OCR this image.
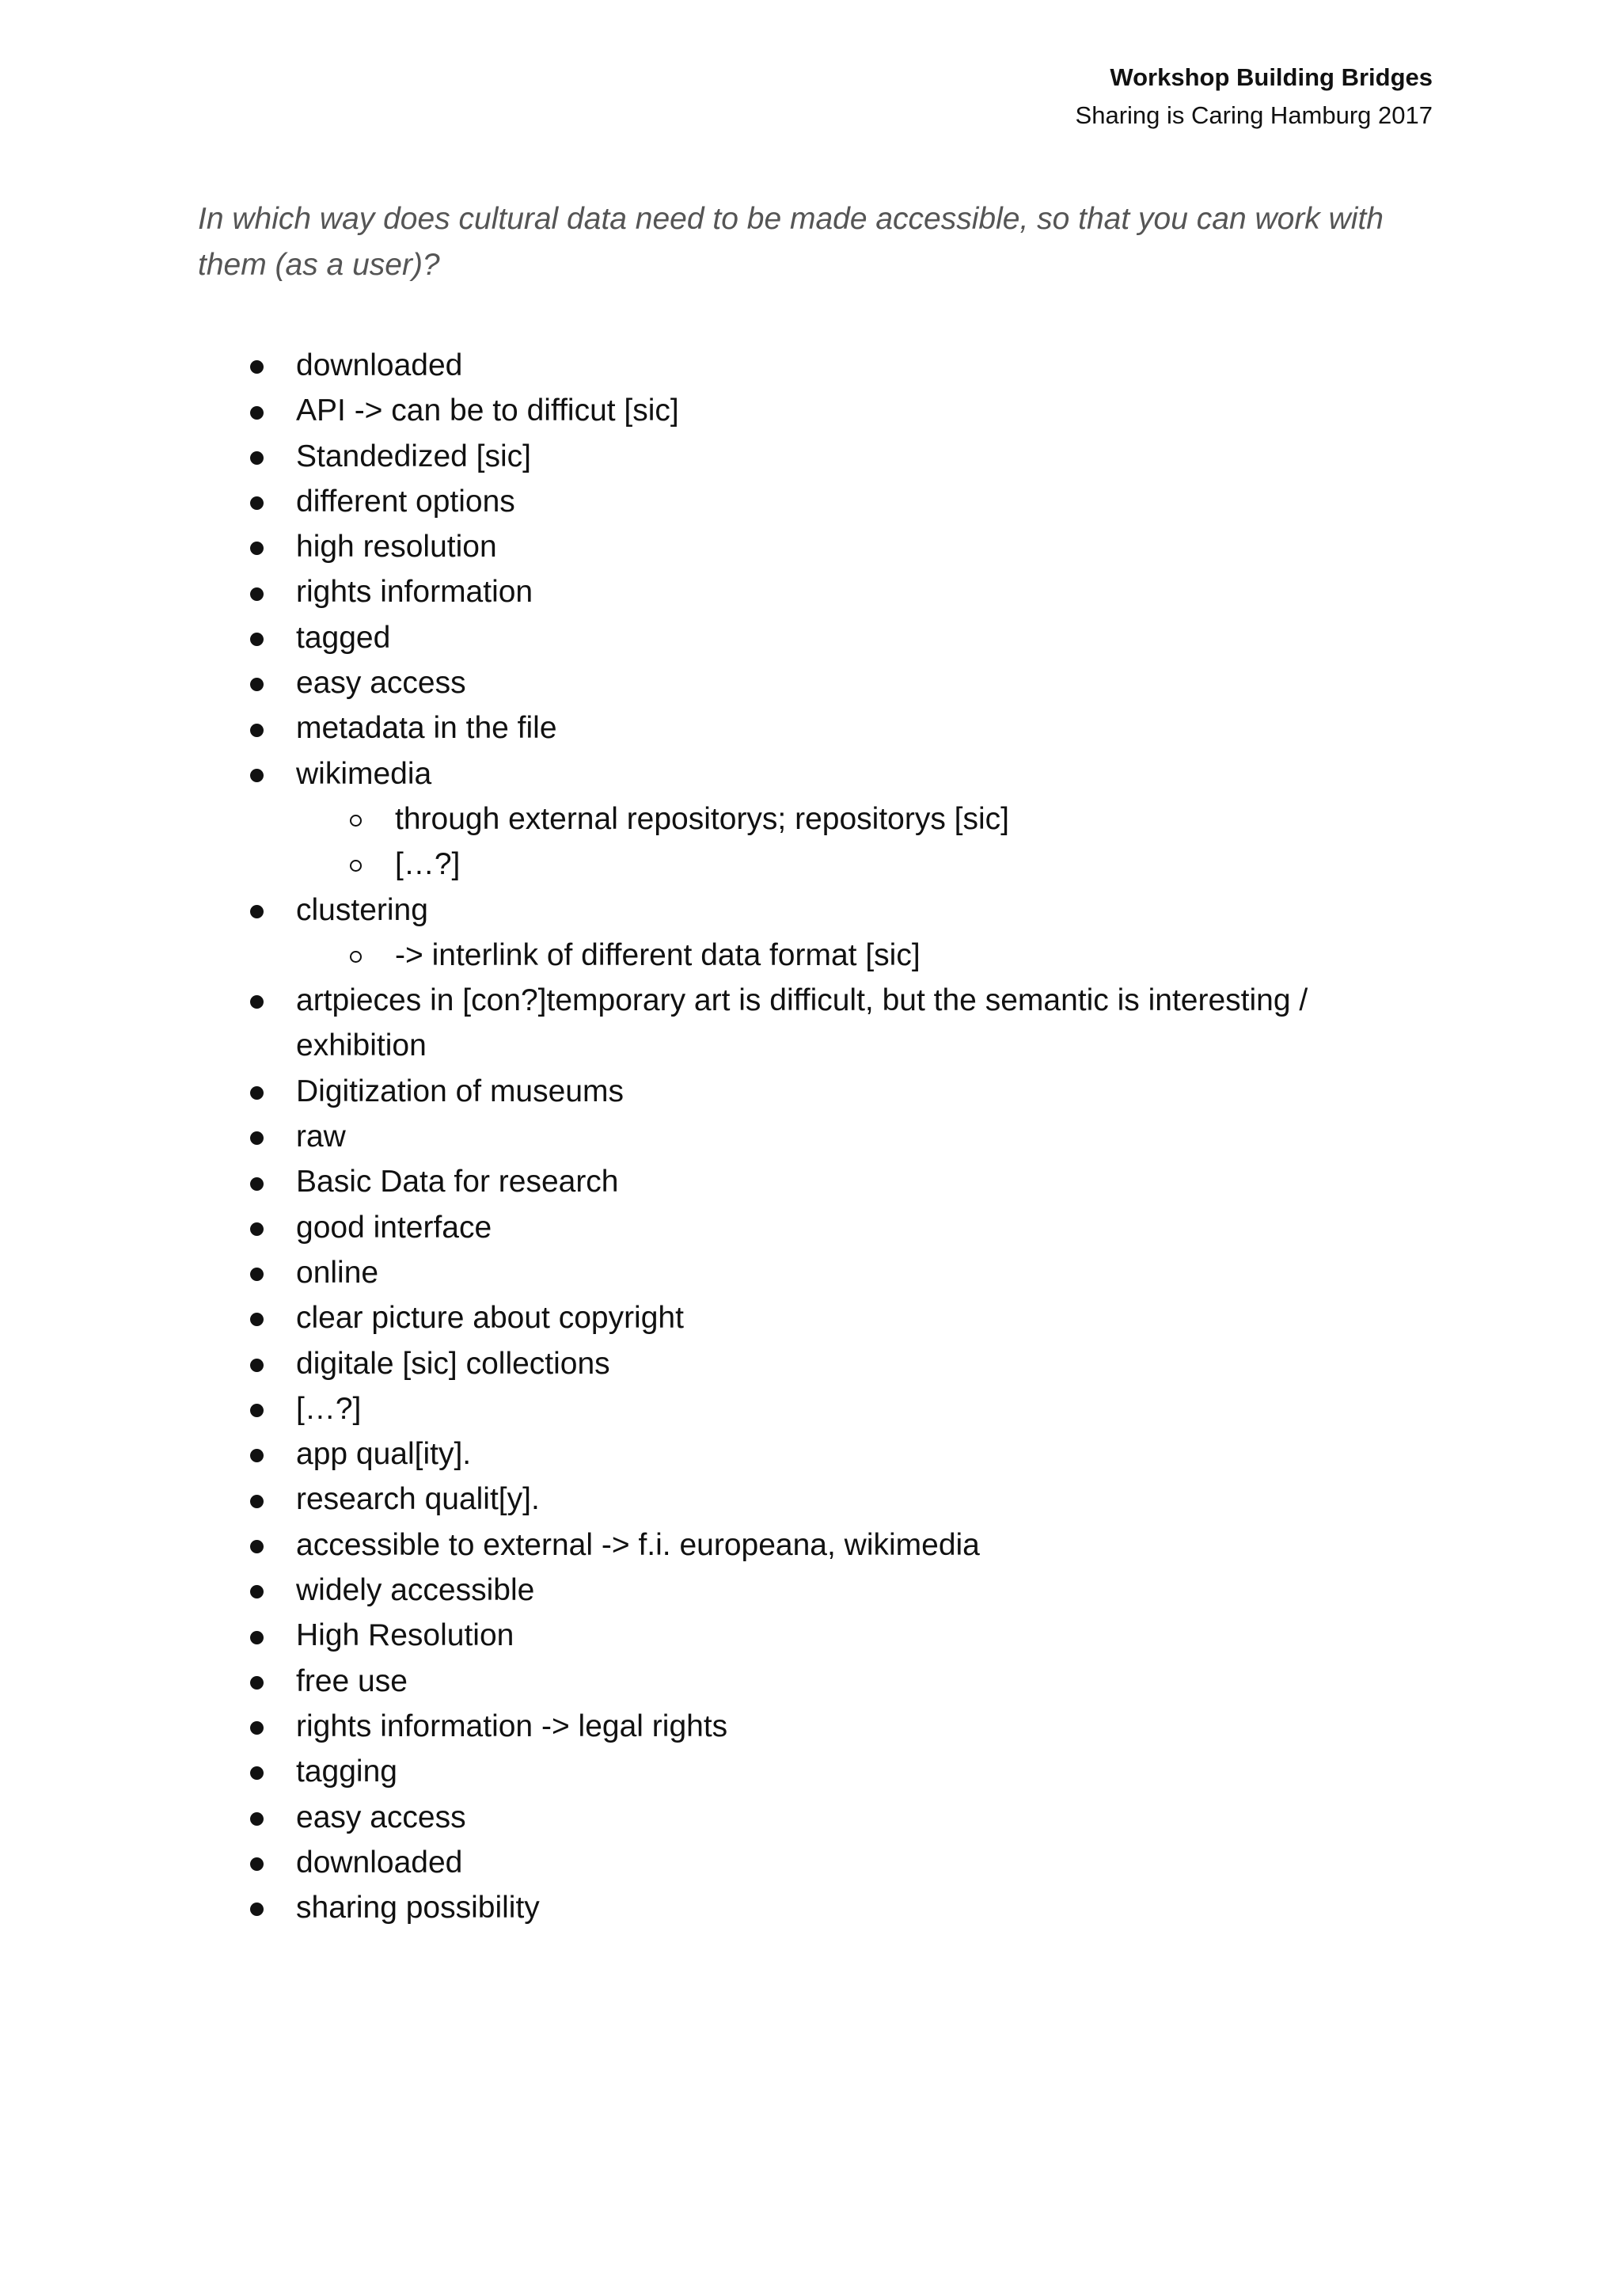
Workshop Building Bridges
Sharing is Caring Hamburg 2017
In which way does cultural data need to be made accessible, so that you can work with them (as a user)?
downloaded
API -> can be to difficut [sic]
Standedized [sic]
different options
high resolution
rights information
tagged
easy access
metadata in the file
wikimedia
through external repositorys; repositorys [sic]
[…?]
clustering
-> interlink of different data format [sic]
artpieces in [con?]temporary art is difficult, but the semantic is interesting / exhibition
Digitization of museums
raw
Basic Data for research
good interface
online
clear picture about copyright
digitale [sic] collections
[…?]
app qual[ity].
research qualit[y].
accessible to external -> f.i. europeana, wikimedia
widely accessible
High Resolution
free use
rights information -> legal rights
tagging
easy access
downloaded
sharing possibility
